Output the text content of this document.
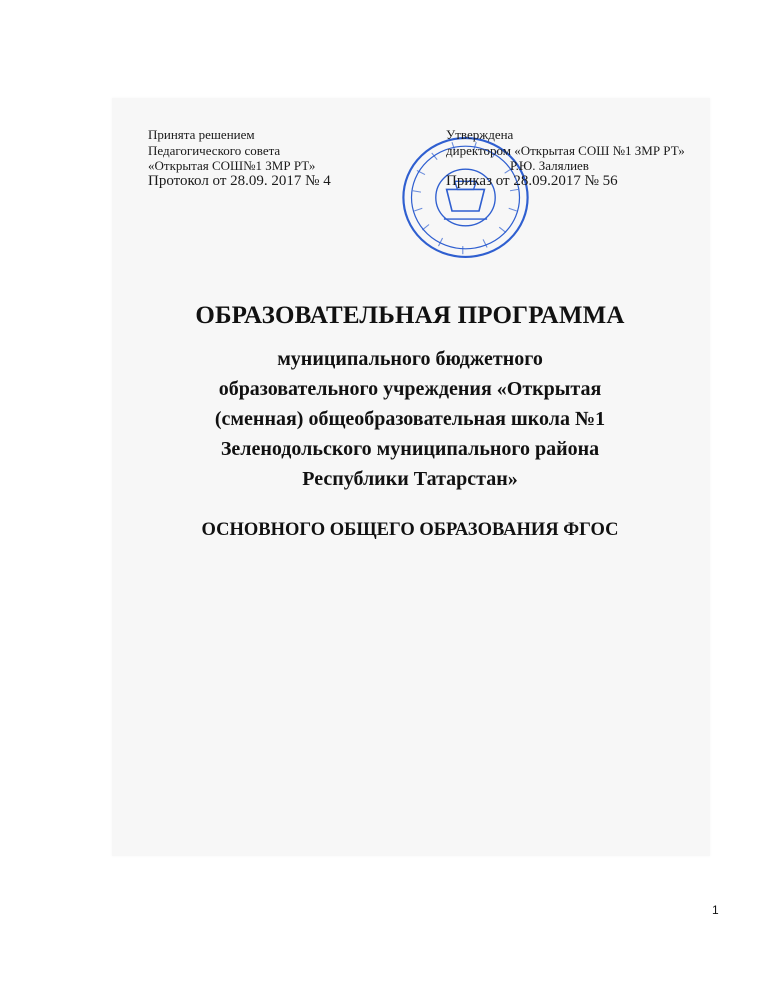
Принята решением
Педагогического совета
«Открытая СОШ№1 ЗМР РТ»
Протокол от 28.09. 2017 № 4
Утверждена
директором «Открытая СОШ №1 ЗМР РТ»
Р.Ю. Залялиев
Приказ от 28.09.2017 № 56
ОБРАЗОВАТЕЛЬНАЯ ПРОГРАММА
муниципального бюджетного
образовательного учреждения «Открытая
(сменная) общеобразовательная школа №1
Зеленодольского муниципального района
Республики Татарстан»
ОСНОВНОГО ОБЩЕГО ОБРАЗОВАНИЯ ФГОС
1
